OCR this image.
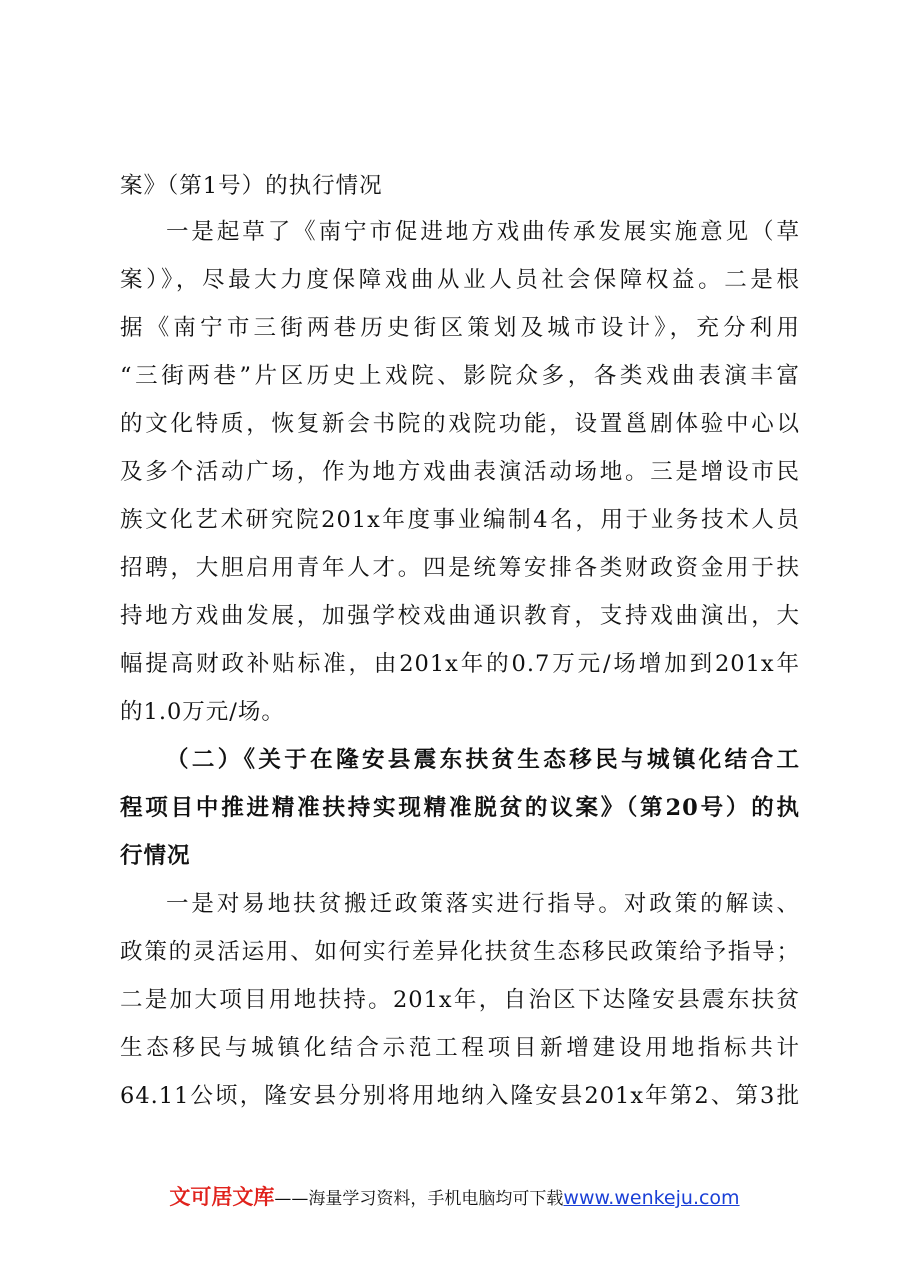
案》（第1号）的执行情况
一是起草了《南宁市促进地方戏曲传承发展实施意见（草
案）》，尽最大力度保障戏曲从业人员社会保障权益。二是根
据《南宁市三街两巷历史街区策划及城市设计》，充分利用
“三街两巷”片区历史上戏院、影院众多，各类戏曲表演丰富
的文化特质，恢复新会书院的戏院功能，设置邕剧体验中心以
及多个活动广场，作为地方戏曲表演活动场地。三是增设市民
族文化艺术研究院201x年度事业编制4名，用于业务技术人员
招聘，大胆启用青年人才。四是统筹安排各类财政资金用于扶
持地方戏曲发展，加强学校戏曲通识教育，支持戏曲演出，大
幅提高财政补贴标准，由201x年的0.7万元/场增加到201x年
的1.0万元/场。
（二）《关于在隆安县震东扶贫生态移民与城镇化结合工
程项目中推进精准扶持实现精准脱贫的议案》（第20号）的执
行情况
一是对易地扶贫搬迁政策落实进行指导。对政策的解读、
政策的灵活运用、如何实行差异化扶贫生态移民政策给予指导；
二是加大项目用地扶持。201x年，自治区下达隆安县震东扶贫
生态移民与城镇化结合示范工程项目新增建设用地指标共计
64.11公顷，隆安县分别将用地纳入隆安县201x年第2、第3批
文可居文库——海量学习资料，手机电脑均可下载www.wenkeju.com
